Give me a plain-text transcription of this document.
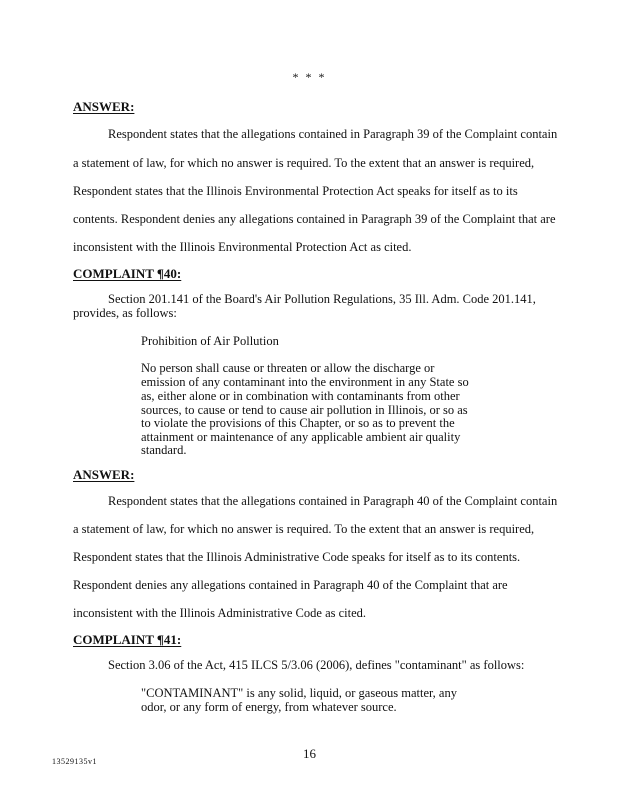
* * *
ANSWER:
Respondent states that the allegations contained in Paragraph 39 of the Complaint contain
a statement of law, for which no answer is required. To the extent that an answer is required,
Respondent states that the Illinois Environmental Protection Act speaks for itself as to its
contents. Respondent denies any allegations contained in Paragraph 39 of the Complaint that are
inconsistent with the Illinois Environmental Protection Act as cited.
COMPLAINT ¶40:
Section 201.141 of the Board's Air Pollution Regulations, 35 Ill. Adm. Code 201.141,
provides, as follows:
Prohibition of Air Pollution
No person shall cause or threaten or allow the discharge or
emission of any contaminant into the environment in any State so
as, either alone or in combination with contaminants from other
sources, to cause or tend to cause air pollution in Illinois, or so as
to violate the provisions of this Chapter, or so as to prevent the
attainment or maintenance of any applicable ambient air quality
standard.
ANSWER:
Respondent states that the allegations contained in Paragraph 40 of the Complaint contain
a statement of law, for which no answer is required. To the extent that an answer is required,
Respondent states that the Illinois Administrative Code speaks for itself as to its contents.
Respondent denies any allegations contained in Paragraph 40 of the Complaint that are
inconsistent with the Illinois Administrative Code as cited.
COMPLAINT ¶41:
Section 3.06 of the Act, 415 ILCS 5/3.06 (2006), defines "contaminant" as follows:
"CONTAMINANT" is any solid, liquid, or gaseous matter, any
odor, or any form of energy, from whatever source.
16
13529135v1
